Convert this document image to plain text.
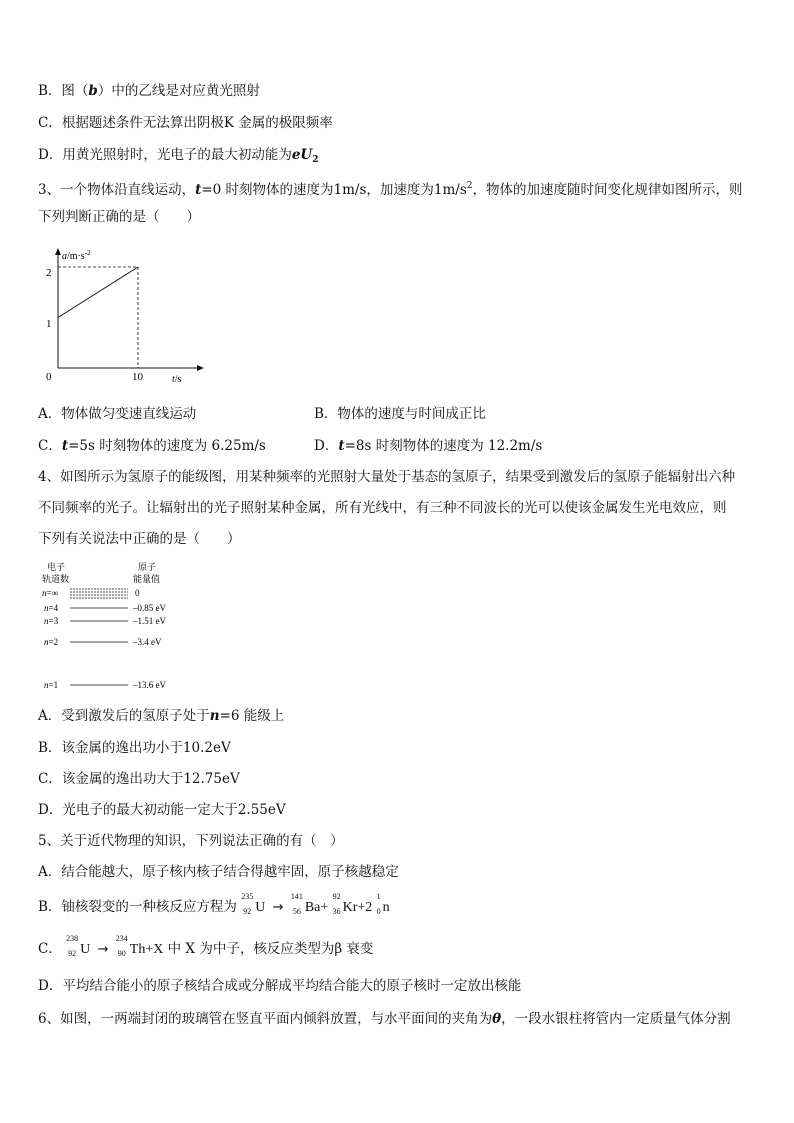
B．图（b）中的乙线是对应黄光照射
C．根据题述条件无法算出阴极K 金属的极限频率
D．用黄光照射时，光电子的最大初动能为$eU_2$
3、一个物体沿直线运动，t=0 时刻物体的速度为1m/s，加速度为$1m/s^2$，物体的加速度随时间变化规律如图所示，则
下列判断正确的是（　　）
$a/m\cdot s^{-2}$
2
1
0	10	t/s
A．物体做匀变速直线运动	B．物体的速度与时间成正比
C．t=5s 时刻物体的速度为 6.25m/s	D．t=8s 时刻物体的速度为 12.2m/s
4、如图所示为氢原子的能级图，用某种频率的光照射大量处于基态的氢原子，结果受到激发后的氢原子能辐射出六种
不同频率的光子。让辐射出的光子照射某种金属，所有光线中，有三种不同波长的光可以使该金属发生光电效应，则
下列有关说法中正确的是（　　）
电子
轨道数
原子
能量值
n=∞	0
n=4	–0.85 eV
n=3	–1.51 eV
n=2	–3.4 eV
n=1	–13.6 eV
A．受到激发后的氢原子处于n=6 能级上
B．该金属的逸出功小于10.2eV
C．该金属的逸出功大于12.75eV
D．光电子的最大初动能一定大于2.55eV
5、关于近代物理的知识，下列说法正确的有（　）
A．结合能越大，原子核内核子结合得越牢固，原子核越稳定
B．铀核裂变的一种核反应方程为
235
92 U →
141
56 Ba+
92
36 Kr+2
1
0 n
C．
238
92 U →
234
90 Th+X 中 X 为中子，核反应类型为β 衰变
D．平均结合能小的原子核结合成或分解成平均结合能大的原子核时一定放出核能
6、如图，一两端封闭的玻璃管在竖直平面内倾斜放置，与水平面间的夹角为θ，一段水银柱将管内一定质量气体分割
